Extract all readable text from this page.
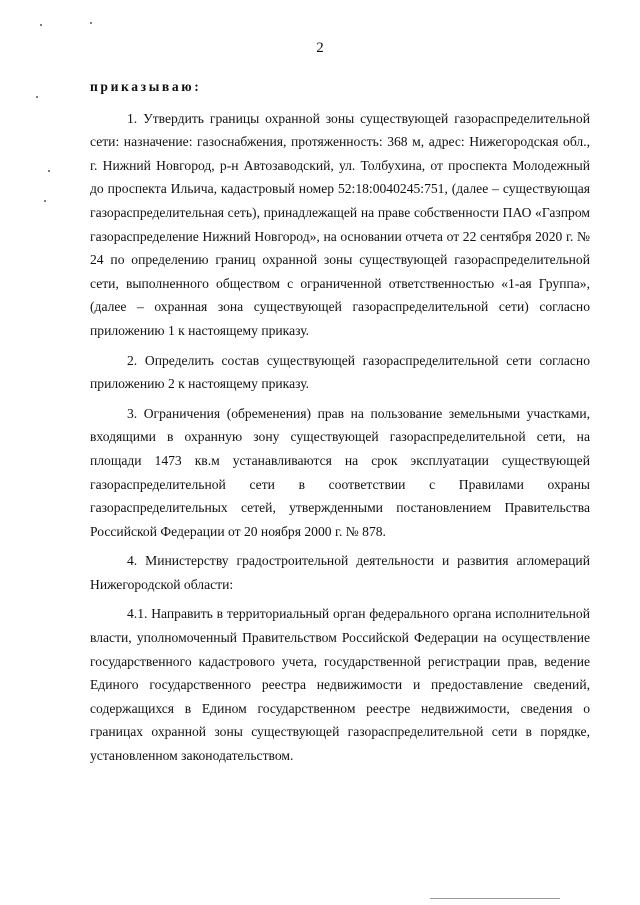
2
приказываю:

1. Утвердить границы охранной зоны существующей газораспределительной сети: назначение: газоснабжения, протяженность: 368 м, адрес: Нижегородская обл., г. Нижний Новгород, р-н Автозаводский, ул. Толбухина, от проспекта Молодежный до проспекта Ильича, кадастровый номер 52:18:0040245:751, (далее – существующая газораспределительная сеть), принадлежащей на праве собственности ПАО «Газпром газораспределение Нижний Новгород», на основании отчета от 22 сентября 2020 г. № 24 по определению границ охранной зоны существующей газораспределительной сети, выполненного обществом с ограниченной ответственностью «1-ая Группа», (далее – охранная зона существующей газораспределительной сети) согласно приложению 1 к настоящему приказу.

2. Определить состав существующей газораспределительной сети согласно приложению 2 к настоящему приказу.

3. Ограничения (обременения) прав на пользование земельными участками, входящими в охранную зону существующей газораспределительной сети, на площади 1473 кв.м устанавливаются на срок эксплуатации существующей газораспределительной сети в соответствии с Правилами охраны газораспределительных сетей, утвержденными постановлением Правительства Российской Федерации от 20 ноября 2000 г. № 878.

4. Министерству градостроительной деятельности и развития агломераций Нижегородской области:

4.1. Направить в территориальный орган федерального органа исполнительной власти, уполномоченный Правительством Российской Федерации на осуществление государственного кадастрового учета, государственной регистрации прав, ведение Единого государственного реестра недвижимости и предоставление сведений, содержащихся в Едином государственном реестре недвижимости, сведения о границах охранной зоны существующей газораспределительной сети в порядке, установленном законодательством.
